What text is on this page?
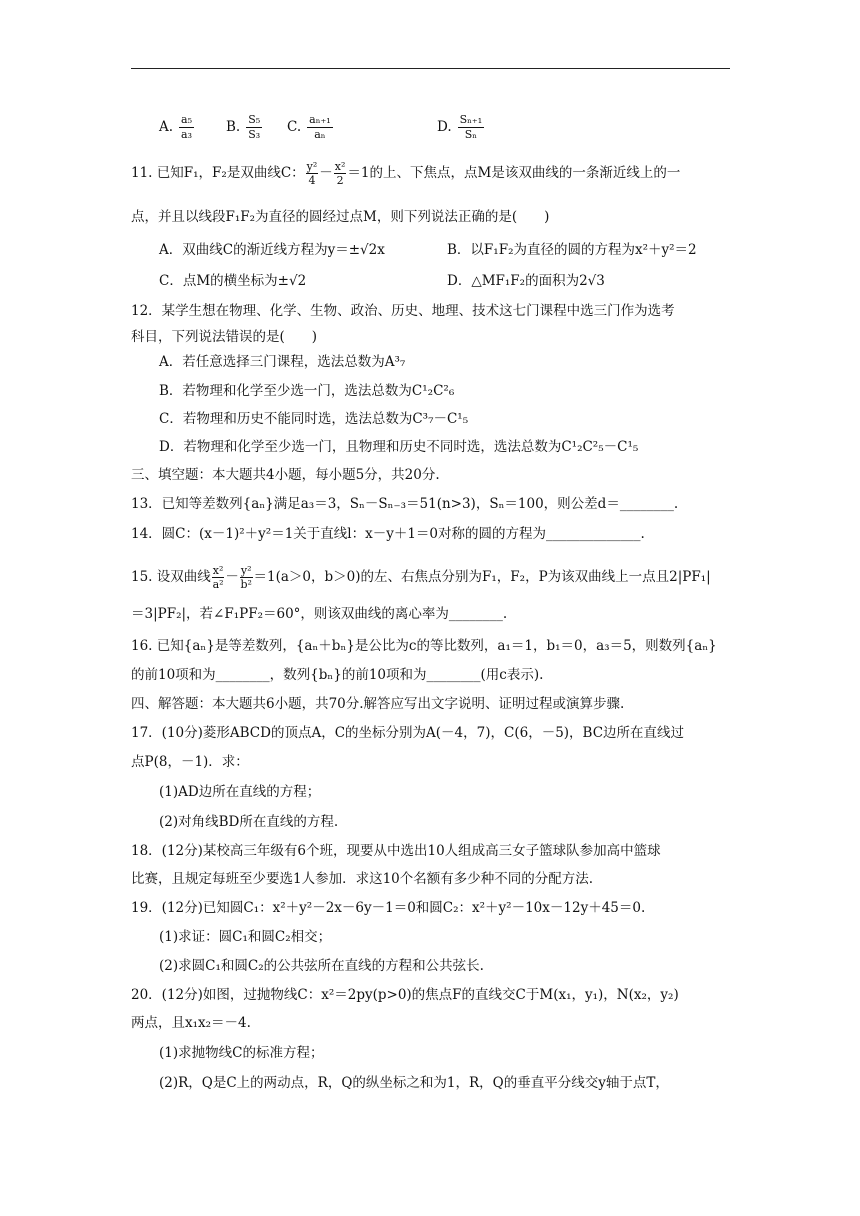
A. $\frac{\text{a₅}}{\text{a₃}} B$. $\frac{\text{S₅}}{\text{S₃}} C$. $\frac{\text{aₙ₊₁}}{\text{aₙ}}$	D. $\frac{\text{Sₙ₊₁}}{\text{Sₙ}}$
11. 已知F₁，F₂是双曲线C： $\frac{\text{y²}}{4} - \frac{\text{x²}}{2} =1$的上、下焦点，点M是该双曲线的一条渐近线上的一
点，并且以线段F₁F₂为直径的圆经过点M，则下列说法正确的是(　　)
A．双曲线C的渐近线方程为y＝±√2x	B．以F₁F₂为直径的圆的方程为x²＋y²＝2
C．点M的横坐标为±√2	D．△MF₁F₂的面积为2√3
12．某学生想在物理、化学、生物、政治、历史、地理、技术这七门课程中选三门作为选考
科目，下列说法错误的是(　　)
A．若任意选择三门课程，选法总数为A³₇
B．若物理和化学至少选一门，选法总数为C¹₂C²₆
C．若物理和历史不能同时选，选法总数为C³₇－C¹₅
D．若物理和化学至少选一门，且物理和历史不同时选，选法总数为C¹₂C²₅－C¹₅
三、填空题：本大题共4小题，每小题5分，共20分.
13．已知等差数列{aₙ}满足a₃＝3，Sₙ－Sₙ₋₃＝51(n>3)，Sₙ＝100，则公差d＝________.
14．圆C：(x－1)²＋y²＝1关于直线l：x－y＋1＝0对称的圆的方程为______________.
15. 设双曲线 $\frac{\text{x²}}{\text{a²}} - \frac{\text{y²}}{\text{b²}} =1(a>0$，b＞0)的左、右焦点分别为F₁，F₂，P为该双曲线上一点且2|PF₁|
＝3|PF₂|，若∠F₁PF₂＝60°，则该双曲线的离心率为________.
16. 已知{aₙ}是等差数列，{aₙ＋bₙ}是公比为c的等比数列，a₁＝1，b₁＝0，a₃＝5，则数列{aₙ}
的前10项和为________，数列{bₙ}的前10项和为________(用c表示).
四、解答题：本大题共6小题，共70分.解答应写出文字说明、证明过程或演算步骤.
17．(10分)菱形ABCD的顶点A，C的坐标分别为A(－4，7)，C(6，－5)，BC边所在直线过
点P(8，－1)．求：
(1)AD边所在直线的方程；
(2)对角线BD所在直线的方程.
18．(12分)某校高三年级有6个班，现要从中选出10人组成高三女子篮球队参加高中篮球
比赛，且规定每班至少要选1人参加．求这10个名额有多少种不同的分配方法.
19．(12分)已知圆C₁：x²＋y²－2x－6y－1＝0和圆C₂：x²＋y²－10x－12y＋45＝0.
(1)求证：圆C₁和圆C₂相交；
(2)求圆C₁和圆C₂的公共弦所在直线的方程和公共弦长.
20．(12分)如图，过抛物线C：x²＝2py(p>0)的焦点F的直线交C于M(x₁，y₁)，N(x₂，y₂)
两点，且x₁x₂＝－4.
(1)求抛物线C的标准方程；
(2)R，Q是C上的两动点，R，Q的纵坐标之和为1，R，Q的垂直平分线交y轴于点T，
